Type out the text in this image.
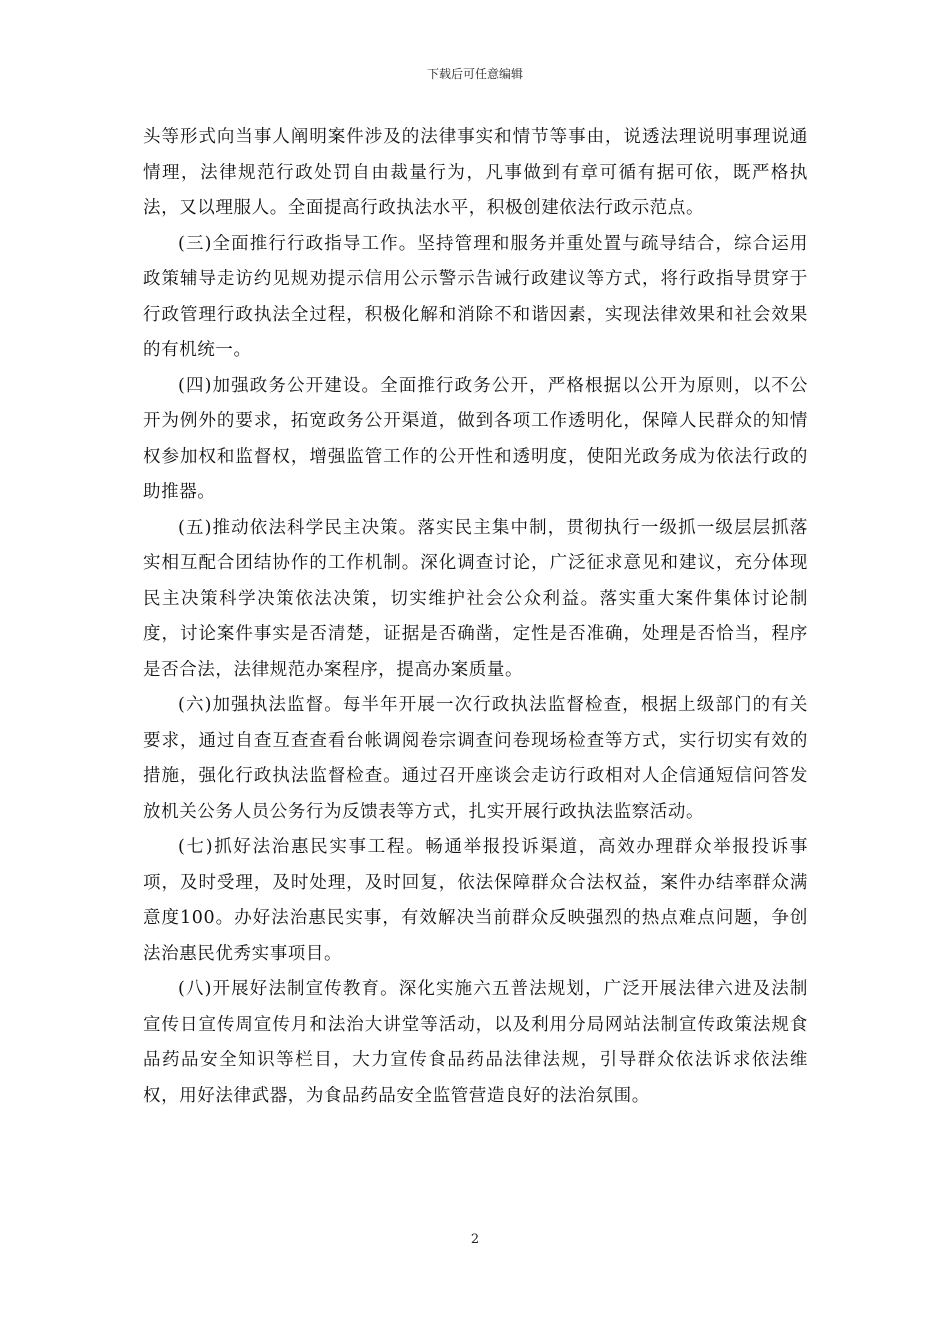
下载后可任意编辑

头等形式向当事人阐明案件涉及的法律事实和情节等事由，说透法理说明事理说通情理，法律规范行政处罚自由裁量行为，凡事做到有章可循有据可依，既严格执法，又以理服人。全面提高行政执法水平，积极创建依法行政示范点。

(三)全面推行行政指导工作。坚持管理和服务并重处置与疏导结合，综合运用政策辅导走访约见规劝提示信用公示警示告诫行政建议等方式，将行政指导贯穿于行政管理行政执法全过程，积极化解和消除不和谐因素，实现法律效果和社会效果的有机统一。

(四)加强政务公开建设。全面推行政务公开，严格根据以公开为原则，以不公开为例外的要求，拓宽政务公开渠道，做到各项工作透明化，保障人民群众的知情权参加权和监督权，增强监管工作的公开性和透明度，使阳光政务成为依法行政的助推器。

(五)推动依法科学民主决策。落实民主集中制，贯彻执行一级抓一级层层抓落实相互配合团结协作的工作机制。深化调查讨论，广泛征求意见和建议，充分体现民主决策科学决策依法决策，切实维护社会公众利益。落实重大案件集体讨论制度，讨论案件事实是否清楚，证据是否确凿，定性是否准确，处理是否恰当，程序是否合法，法律规范办案程序，提高办案质量。

(六)加强执法监督。每半年开展一次行政执法监督检查，根据上级部门的有关要求，通过自查互查查看台帐调阅卷宗调查问卷现场检查等方式，实行切实有效的措施，强化行政执法监督检查。通过召开座谈会走访行政相对人企信通短信问答发放机关公务人员公务行为反馈表等方式，扎实开展行政执法监察活动。

(七)抓好法治惠民实事工程。畅通举报投诉渠道，高效办理群众举报投诉事项，及时受理，及时处理，及时回复，依法保障群众合法权益，案件办结率群众满意度100。办好法治惠民实事，有效解决当前群众反映强烈的热点难点问题，争创法治惠民优秀实事项目。

(八)开展好法制宣传教育。深化实施六五普法规划，广泛开展法律六进及法制宣传日宣传周宣传月和法治大讲堂等活动，以及利用分局网站法制宣传政策法规食品药品安全知识等栏目，大力宣传食品药品法律法规，引导群众依法诉求依法维权，用好法律武器，为食品药品安全监管营造良好的法治氛围。

2
